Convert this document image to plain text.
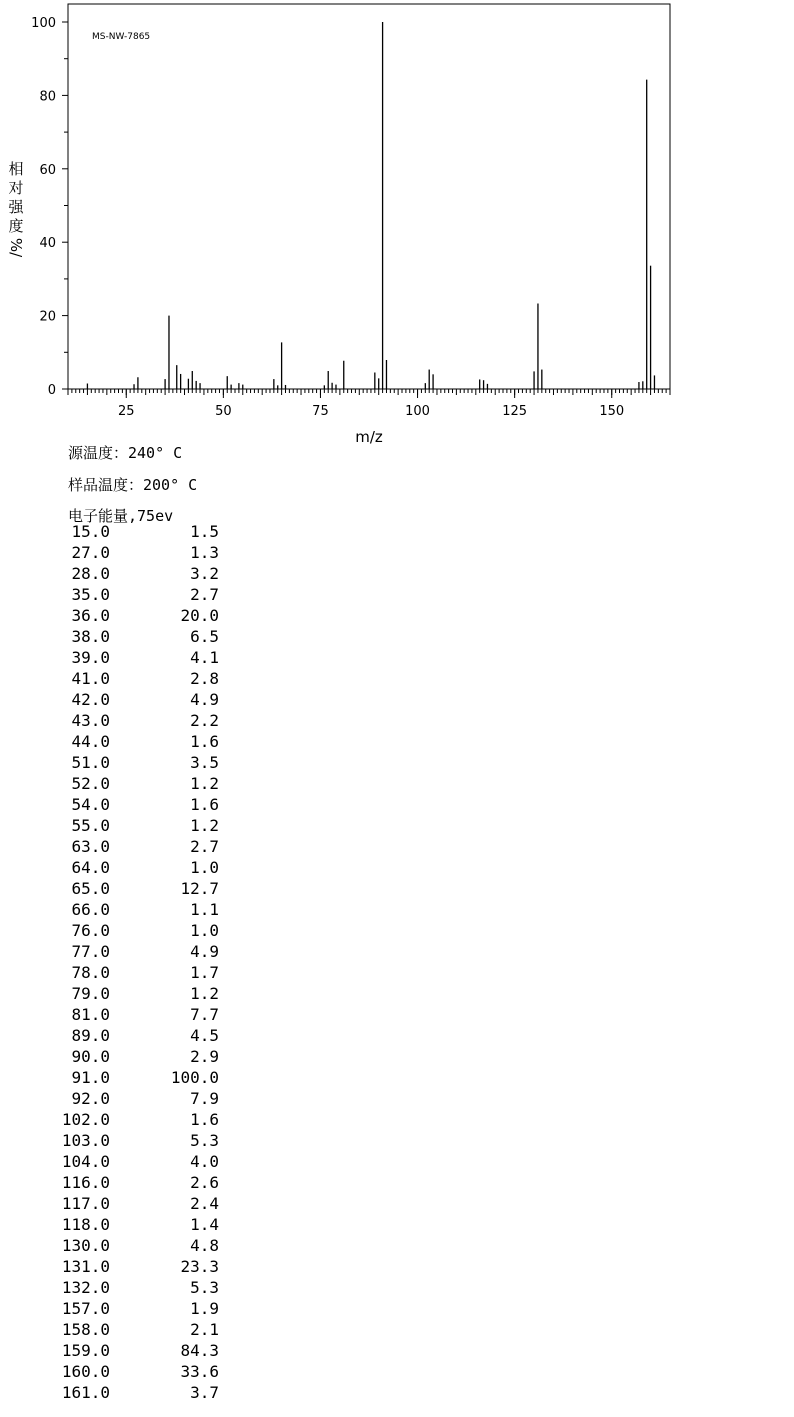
MS-NW-7865
0
20
40
60
80
100
25	50	75	100	125	150
m/z
相
对
强
度
%/
源温度：240° C
样品温度：200° C
电子能量,75ev
15.0	1.5
27.0	1.3
28.0	3.2
35.0	2.7
36.0	20.0
38.0	6.5
39.0	4.1
41.0	2.8
42.0	4.9
43.0	2.2
44.0	1.6
51.0	3.5
52.0	1.2
54.0	1.6
55.0	1.2
63.0	2.7
64.0	1.0
65.0	12.7
66.0	1.1
76.0	1.0
77.0	4.9
78.0	1.7
79.0	1.2
81.0	7.7
89.0	4.5
90.0	2.9
91.0	100.0
92.0	7.9
102.0	1.6
103.0	5.3
104.0	4.0
116.0	2.6
117.0	2.4
118.0	1.4
130.0	4.8
131.0	23.3
132.0	5.3
157.0	1.9
158.0	2.1
159.0	84.3
160.0	33.6
161.0	3.7
